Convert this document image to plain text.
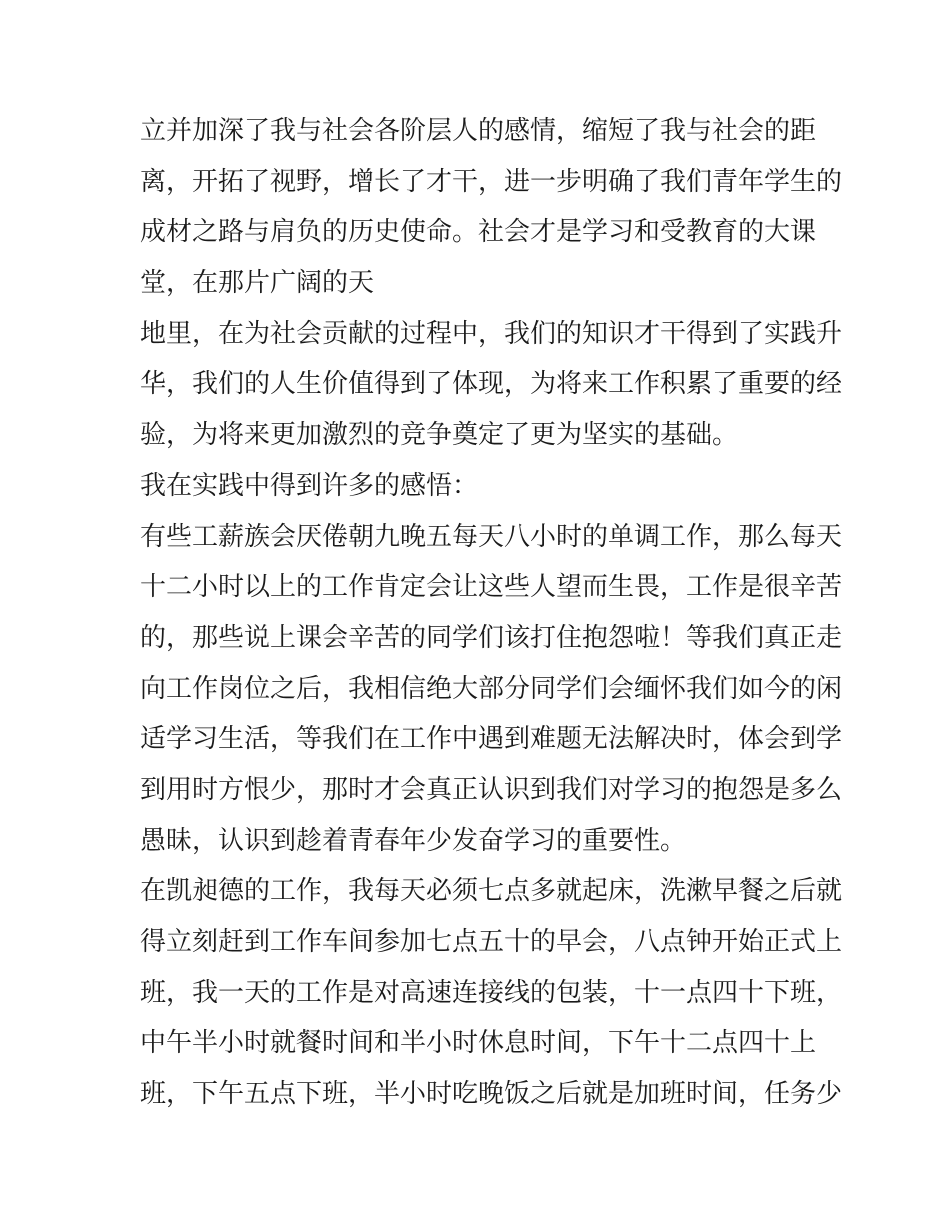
立并加深了我与社会各阶层人的感情，缩短了我与社会的距
离，开拓了视野，增长了才干，进一步明确了我们青年学生的
成材之路与肩负的历史使命。社会才是学习和受教育的大课
堂，在那片广阔的天
地里，在为社会贡献的过程中，我们的知识才干得到了实践升
华，我们的人生价值得到了体现，为将来工作积累了重要的经
验，为将来更加激烈的竞争奠定了更为坚实的基础。
我在实践中得到许多的感悟：
有些工薪族会厌倦朝九晚五每天八小时的单调工作，那么每天
十二小时以上的工作肯定会让这些人望而生畏，工作是很辛苦
的，那些说上课会辛苦的同学们该打住抱怨啦！等我们真正走
向工作岗位之后，我相信绝大部分同学们会缅怀我们如今的闲
适学习生活，等我们在工作中遇到难题无法解决时，体会到学
到用时方恨少，那时才会真正认识到我们对学习的抱怨是多么
愚昧，认识到趁着青春年少发奋学习的重要性。
在凯昶德的工作，我每天必须七点多就起床，洗漱早餐之后就
得立刻赶到工作车间参加七点五十的早会，八点钟开始正式上
班，我一天的工作是对高速连接线的包装，十一点四十下班，
中午半小时就餐时间和半小时休息时间，下午十二点四十上
班，下午五点下班，半小时吃晚饭之后就是加班时间，任务少
